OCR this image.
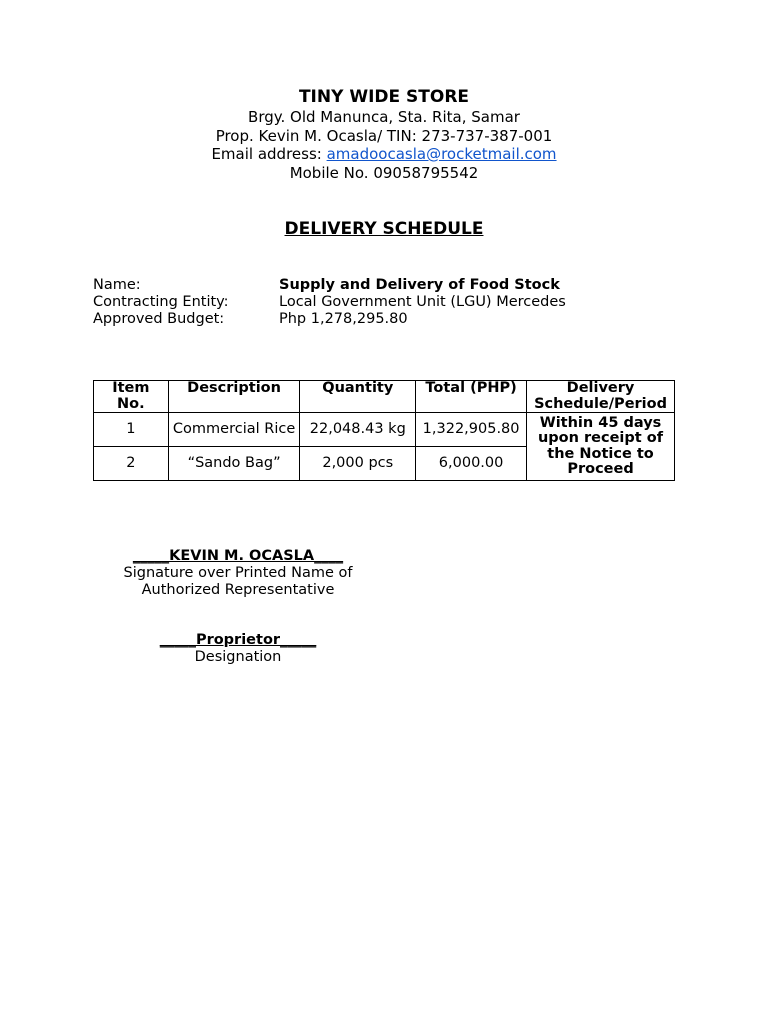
TINY WIDE STORE
Brgy. Old Manunca, Sta. Rita, Samar
Prop. Kevin M. Ocasla/ TIN: 273-737-387-001
Email address: amadoocasla@rocketmail.com
Mobile No. 09058795542
DELIVERY SCHEDULE
Name:	Supply and Delivery of Food Stock
Contracting Entity:	Local Government Unit (LGU) Mercedes
Approved Budget:	Php 1,278,295.80
Item No.	Description	Quantity	Total (PHP)	Delivery Schedule/Period
1	Commercial Rice	22,048.43 kg	1,322,905.80	Within 45 days upon receipt of the Notice to Proceed
2	“Sando Bag”	2,000 pcs	6,000.00	
_____KEVIN M. OCASLA____
Signature over Printed Name of
Authorized Representative
_____Proprietor_____
Designation
